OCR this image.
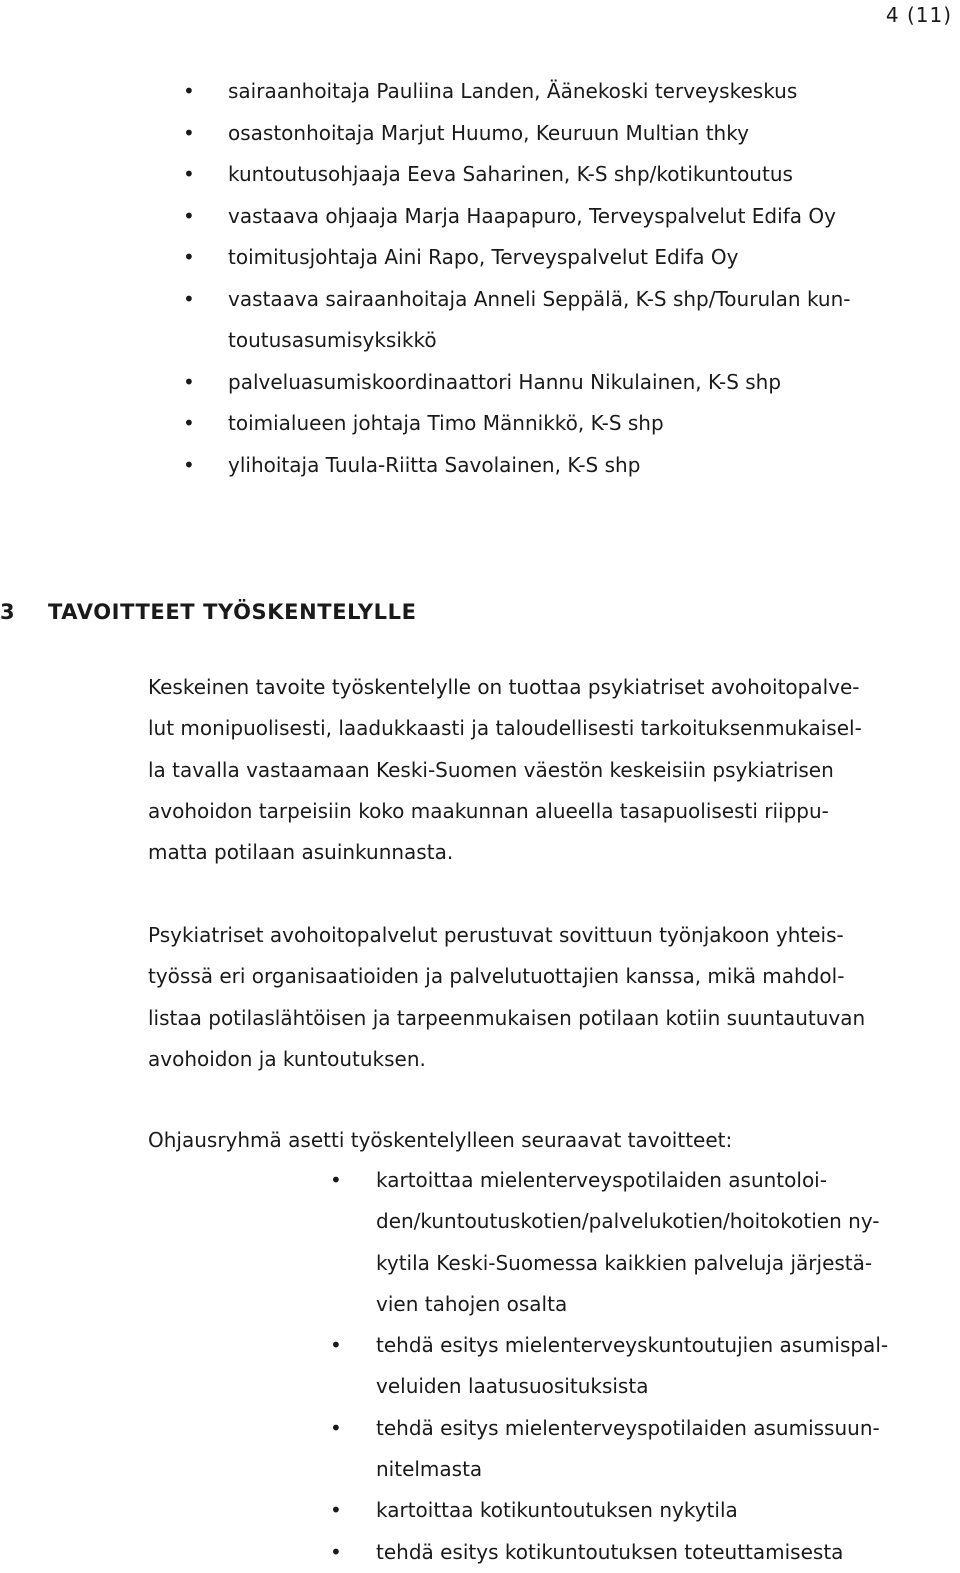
4 (11)
• sairaanhoitaja Pauliina Landen, Äänekoski terveyskeskus
• osastonhoitaja Marjut Huumo, Keuruun Multian thky
• kuntoutusohjaaja Eeva Saharinen, K-S shp/kotikuntoutus
• vastaava ohjaaja Marja Haapapuro, Terveyspalvelut Edifa Oy
• toimitusjohtaja Aini Rapo, Terveyspalvelut Edifa Oy
• vastaava sairaanhoitaja Anneli Seppälä, K-S shp/Tourulan kun-
toutusasumisyksikkö
• palveluasumiskoordinaattori Hannu Nikulainen, K-S shp
• toimialueen johtaja Timo Männikkö, K-S shp
• ylihoitaja Tuula-Riitta Savolainen, K-S shp
3 TAVOITTEET TYÖSKENTELYLLE

Keskeinen tavoite työskentelylle on tuottaa psykiatriset avohoitopalve-
lut monipuolisesti, laadukkaasti ja taloudellisesti tarkoituksenmukaisel-
la tavalla vastaamaan Keski-Suomen väestön keskeisiin psykiatrisen
avohoidon tarpeisiin koko maakunnan alueella tasapuolisesti riippu-
matta potilaan asuinkunnasta.

Psykiatriset avohoitopalvelut perustuvat sovittuun työnjakoon yhteis-
työssä eri organisaatioiden ja palvelutuottajien kanssa, mikä mahdol-
listaa potilaslähtöisen ja tarpeenmukaisen potilaan kotiin suuntautuvan
avohoidon ja kuntoutuksen.

Ohjausryhmä asetti työskentelylleen seuraavat tavoitteet:

• kartoittaa mielenterveyspotilaiden asuntoloi-
den/kuntoutuskotien/palvelukotien/hoitokotien ny-
kytila Keski-Suomessa kaikkien palveluja järjestä-
vien tahojen osalta
• tehdä esitys mielenterveyskuntoutujien asumispal-
veluiden laatusuosituksista
• tehdä esitys mielenterveyspotilaiden asumissuun-
nitelmasta
• kartoittaa kotikuntoutuksen nykytila
• tehdä esitys kotikuntoutuksen toteuttamisesta
